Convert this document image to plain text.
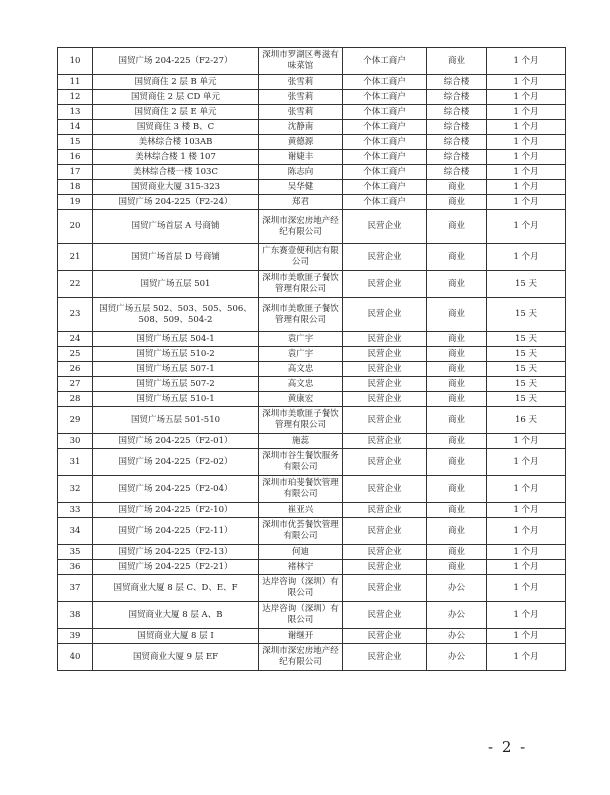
10	国贸广场 204-225（F2-27）	深圳市罗湖区粤滋有味菜馆	个体工商户	商业	1 个月
11	国贸商住 2 层 B 单元	张雪莉	个体工商户	综合楼	1 个月
12	国贸商住 2 层 CD 单元	张雪莉	个体工商户	综合楼	1 个月
13	国贸商住 2 层 E 单元	张雪莉	个体工商户	综合楼	1 个月
14	国贸商住 3 楼 B、C	沈静南	个体工商户	综合楼	1 个月
15	美林综合楼 103AB	黄德源	个体工商户	综合楼	1 个月
16	美林综合楼 1 楼 107	谢婕丰	个体工商户	综合楼	1 个月
17	美林综合楼一楼 103C	陈志向	个体工商户	综合楼	1 个月
18	国贸商业大厦 315-323	吴华健	个体工商户	商业	1 个月
19	国贸广场 204-225（F2-24）	郑君	个体工商户	商业	1 个月
20	国贸广场首层 A 号商铺	深圳市深宏房地产经纪有限公司	民营企业	商业	1 个月
21	国贸广场首层 D 号商铺	广东赛壹便利店有限公司	民营企业	商业	1 个月
22	国贸广场五层 501	深圳市美歌匪子餐饮管理有限公司	民营企业	商业	15 天
23	国贸广场五层 502、503、505、506、508、509、504-2	深圳市美歌匪子餐饮管理有限公司	民营企业	商业	15 天
24	国贸广场五层 504-1	袁广宇	民营企业	商业	15 天
25	国贸广场五层 510-2	袁广宇	民营企业	商业	15 天
26	国贸广场五层 507-1	高文忠	民营企业	商业	15 天
27	国贸广场五层 507-2	高文忠	民营企业	商业	15 天
28	国贸广场五层 510-1	黄康宏	民营企业	商业	15 天
29	国贸广场五层 501-510	深圳市美歌匪子餐饮管理有限公司	民营企业	商业	16 天
30	国贸广场 204-225（F2-01）	施蕊	民营企业	商业	1 个月
31	国贸广场 204-225（F2-02）	深圳市谷生餐饮服务有限公司	民营企业	商业	1 个月
32	国贸广场 204-225（F2-04）	深圳市珀斐餐饮管理有限公司	民营企业	商业	1 个月
33	国贸广场 204-225（F2-10）	崔亚兴	民营企业	商业	1 个月
34	国贸广场 204-225（F2-11）	深圳市优荟餐饮管理有限公司	民营企业	商业	1 个月
35	国贸广场 204-225（F2-13）	何迪	民营企业	商业	1 个月
36	国贸广场 204-225（F2-21）	褚林宁	民营企业	商业	1 个月
37	国贸商业大厦 8 层 C、D、E、F	达岸咨询（深圳）有限公司	民营企业	办公	1 个月
38	国贸商业大厦 8 层 A、B	达岸咨询（深圳）有限公司	民营企业	办公	1 个月
39	国贸商业大厦 8 层 I	谢继开	民营企业	办公	1 个月
40	国贸商业大厦 9 层 EF	深圳市深宏房地产经纪有限公司	民营企业	办公	1 个月
- 2 -
